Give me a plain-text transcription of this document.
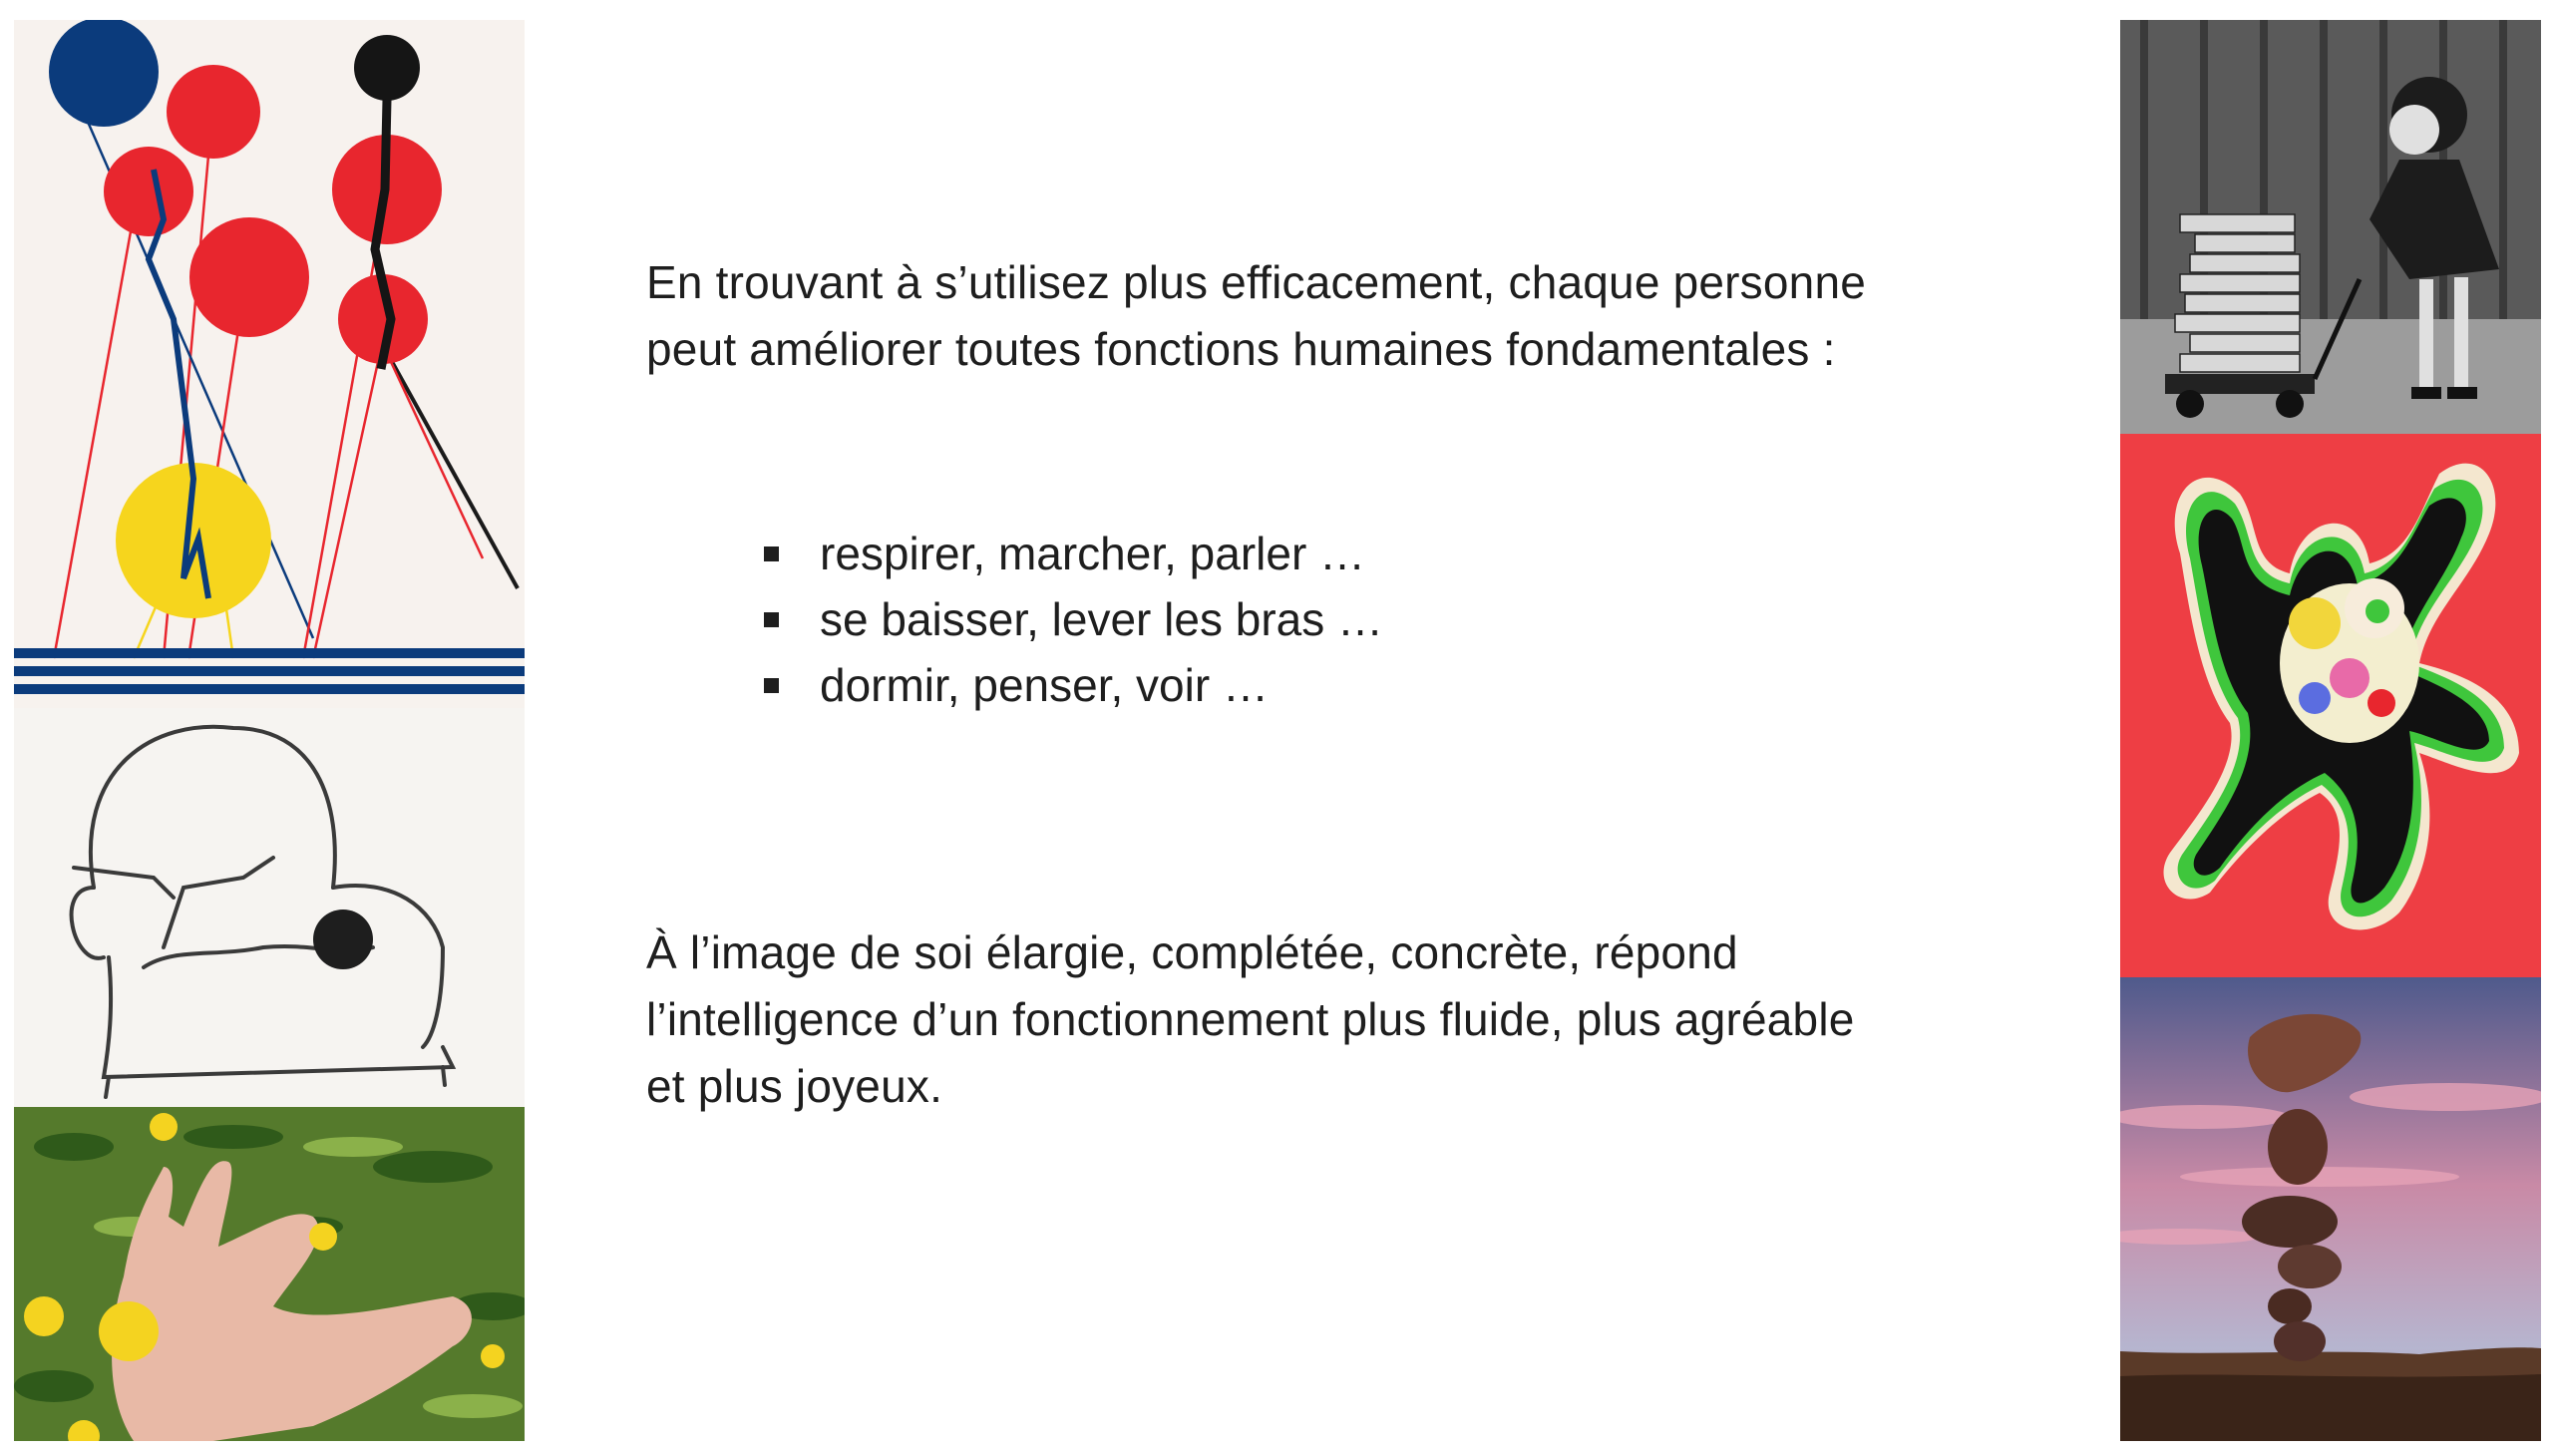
En trouvant à s’utilisez plus efficacement, chaque personne peut améliorer toutes fonctions humaines fondamentales :

respirer, marcher, parler …
se baisser, lever les bras …
dormir, penser, voir …

À l’image de soi élargie, complétée, concrète, répond l’intelligence d’un fonctionnement plus fluide, plus agréable et plus joyeux.
